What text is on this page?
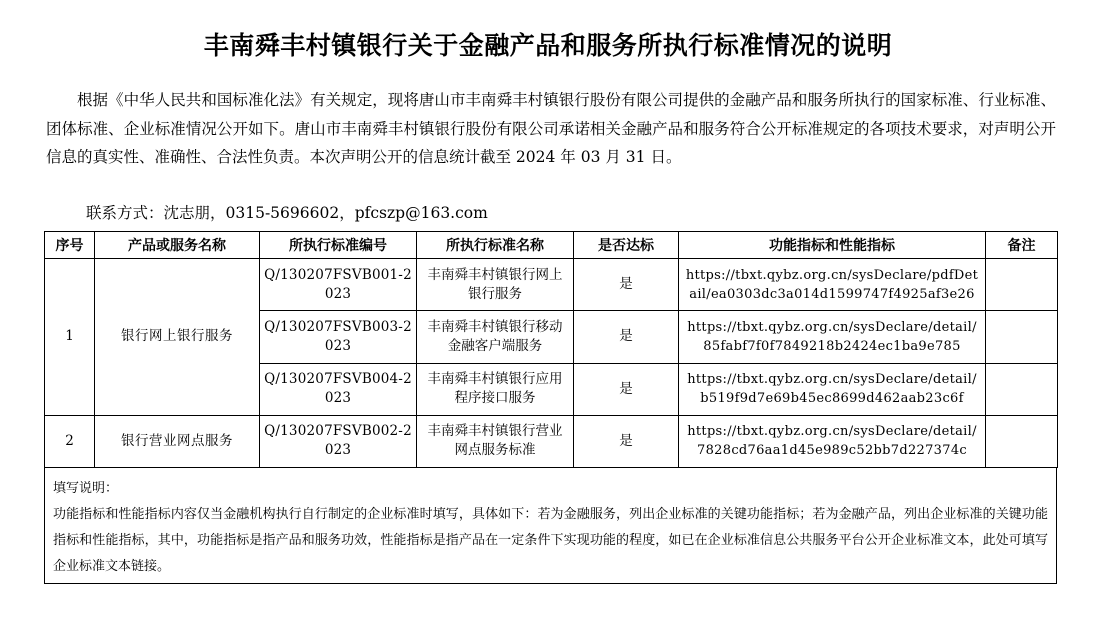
丰南舜丰村镇银行关于金融产品和服务所执行标准情况的说明

根据《中华人民共和国标准化法》有关规定，现将唐山市丰南舜丰村镇银行股份有限公司提供的金融产品和服务所执行的国家标准、行业标准、团体标准、企业标准情况公开如下。唐山市丰南舜丰村镇银行股份有限公司承诺相关金融产品和服务符合公开标准规定的各项技术要求，对声明公开信息的真实性、准确性、合法性负责。本次声明公开的信息统计截至 2024 年 03 月 31 日。

联系方式：沈志朋，0315-5696602，pfcszp@163.com
序号	产品或服务名称	所执行标准编号	所执行标准名称	是否达标	功能指标和性能指标	备注
1	银行网上银行服务	Q/130207FSVB001-2023	丰南舜丰村镇银行网上银行服务	是	https://tbxt.qybz.org.cn/sysDeclare/pdfDetail/ea0303dc3a014d1599747f4925af3e26	
		Q/130207FSVB003-2023	丰南舜丰村镇银行移动金融客户端服务	是	https://tbxt.qybz.org.cn/sysDeclare/detail/85fabf7f0f7849218b2424ec1ba9e785	
		Q/130207FSVB004-2023	丰南舜丰村镇银行应用程序接口服务	是	https://tbxt.qybz.org.cn/sysDeclare/detail/b519f9d7e69b45ec8699d462aab23c6f	
2	银行营业网点服务	Q/130207FSVB002-2023	丰南舜丰村镇银行营业网点服务标准	是	https://tbxt.qybz.org.cn/sysDeclare/detail/7828cd76aa1d45e989c52bb7d227374c	
填写说明：
功能指标和性能指标内容仅当金融机构执行自行制定的企业标准时填写，具体如下：若为金融服务，列出企业标准的关键功能指标；若为金融产品，列出企业标准的关键功能指标和性能指标，其中，功能指标是指产品和服务功效，性能指标是指产品在一定条件下实现功能的程度，如已在企业标准信息公共服务平台公开企业标准文本，此处可填写企业标准文本链接。
